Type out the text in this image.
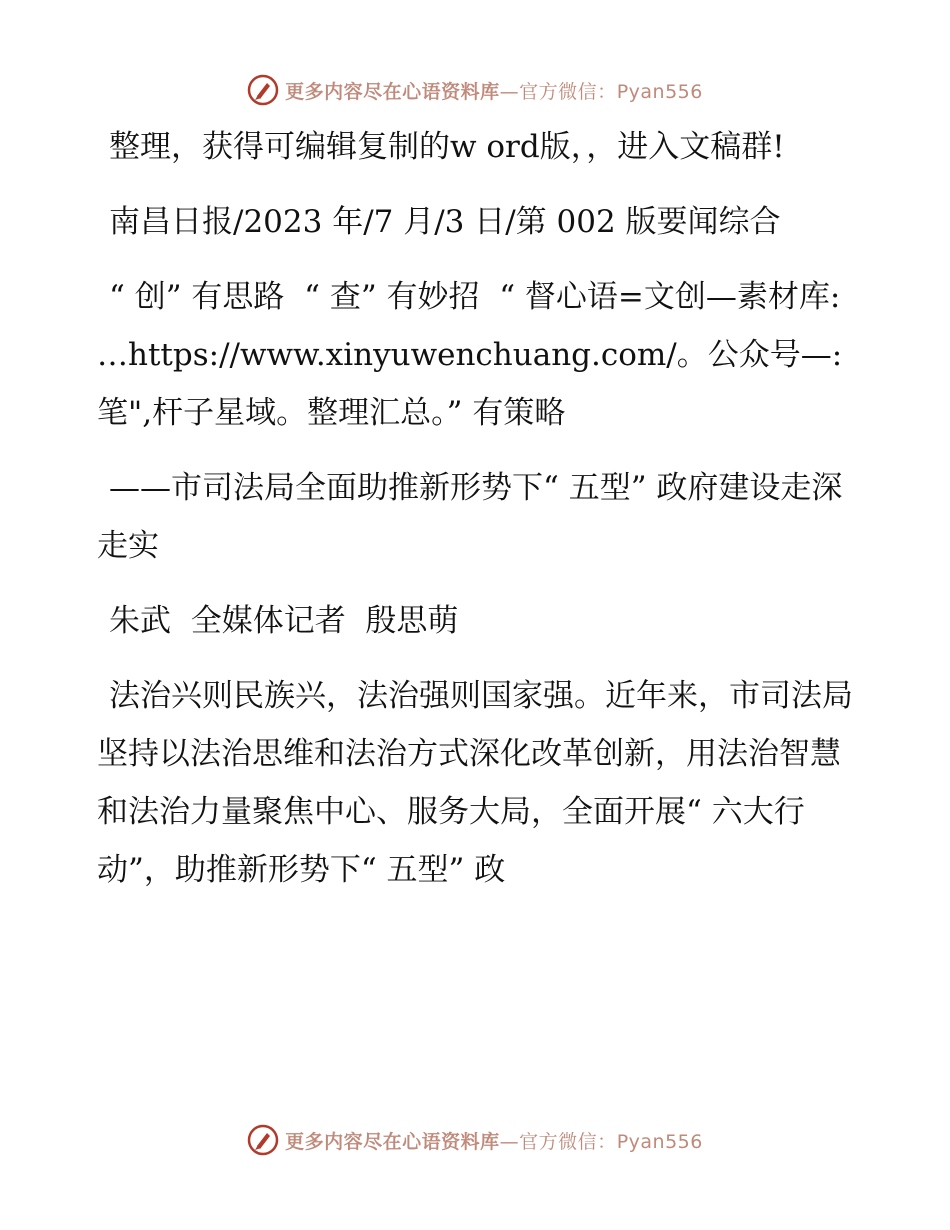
更多内容尽在心语资料库—官方微信：Pyan556

整理，获得可编辑复制的w ord版，，进入文稿群!

南昌日报/2023 年/7 月/3 日/第 002 版要闻综合

“ 创” 有思路  “ 查” 有妙招  “ 督心语=文创—素材库: …https://www.xinyuwenchuang.com/。公众号—: 笔",杆子星域。整理汇总。” 有策略

——市司法局全面助推新形势下“ 五型” 政府建设走深走实

朱武  全媒体记者  殷思萌

法治兴则民族兴，法治强则国家强。近年来，市司法局坚持以法治思维和法治方式深化改革创新，用法治智慧和法治力量聚焦中心、服务大局，全面开展“ 六大行动”，助推新形势下“ 五型” 政

更多内容尽在心语资料库—官方微信：Pyan556
